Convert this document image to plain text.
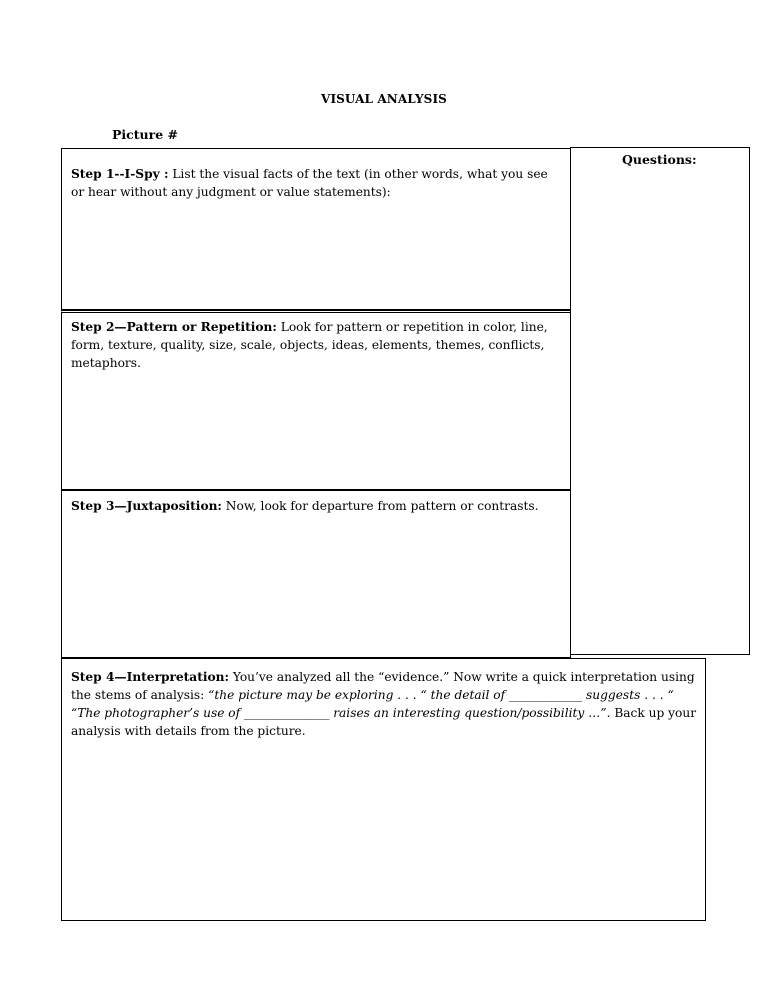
VISUAL ANALYSIS
Picture #

Step 1--I-Spy : List the visual facts of the text (in other words, what you see or hear without any judgment or value statements):

Step 2—Pattern or Repetition: Look for pattern or repetition in color, line, form, texture, quality, size, scale, objects, ideas, elements, themes, conflicts, metaphors.

Step 3—Juxtaposition: Now, look for departure from pattern or contrasts.

Questions:

Step 4—Interpretation: You’ve analyzed all the “evidence.” Now write a quick interpretation using the stems of analysis: “the picture may be exploring . . . “ the detail of ____________ suggests . . . “ “The photographer’s use of ______________ raises an interesting question/possibility …”. Back up your analysis with details from the picture.
